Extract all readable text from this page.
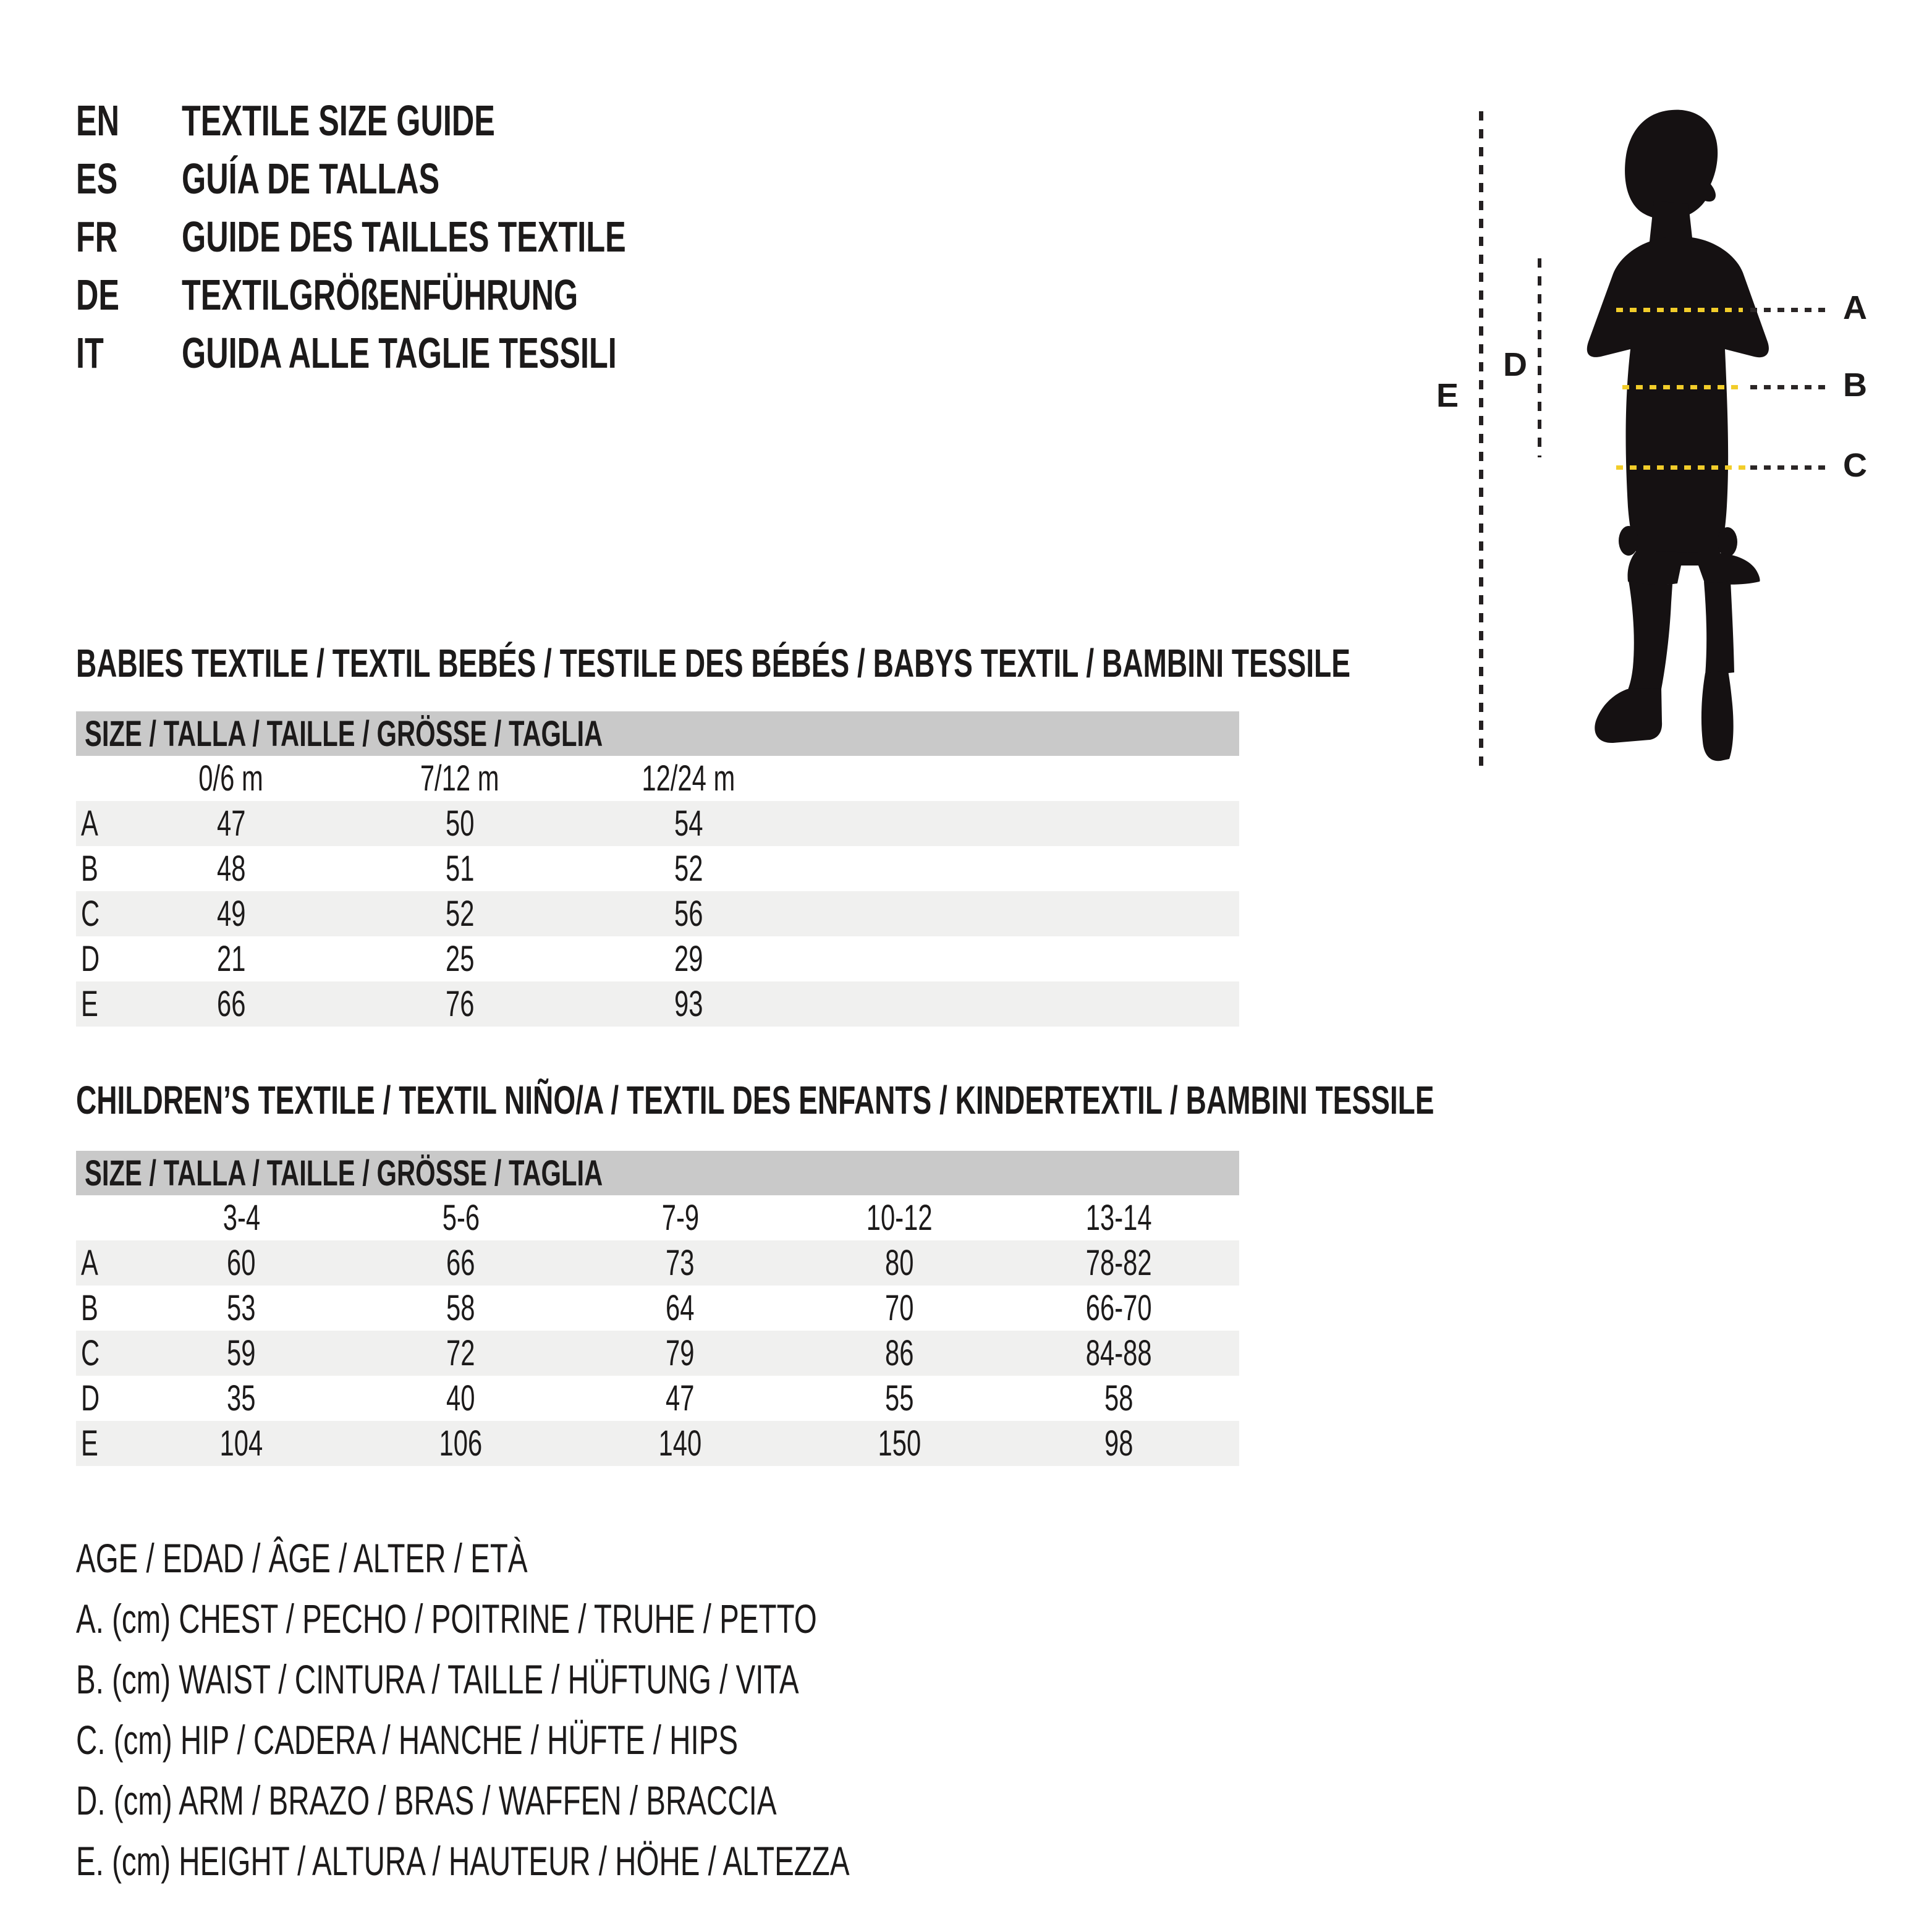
EN TEXTILE SIZE GUIDE
ES GUÍA DE TALLAS
FR GUIDE DES TAILLES TEXTILE
DE TEXTILGRÖßENFÜHRUNG
IT GUIDA ALLE TAGLIE TESSILI
E
D
A
B
C
BABIES TEXTILE / TEXTIL BEBÉS / TESTILE DES BÉBÉS / BABYS TEXTIL / BAMBINI TESSILE
SIZE / TALLA / TAILLE / GRÖSSE / TAGLIA				
	0/6 m	7/12 m	12/24 m	
A	47	50	54	
B	48	51	52	
C	49	52	56	
D	21	25	29	
E	66	76	93	
CHILDREN’S TEXTILE / TEXTIL NIÑO/A / TEXTIL DES ENFANTS / KINDERTEXTIL / BAMBINI TESSILE
SIZE / TALLA / TAILLE / GRÖSSE / TAGLIA						
	3-4	5-6	7-9	10-12	13-14	
A	60	66	73	80	78-82	
B	53	58	64	70	66-70	
C	59	72	79	86	84-88	
D	35	40	47	55	58	
E	104	106	140	150	98	
AGE / EDAD / ÂGE / ALTER / ETÀ
A. (cm) CHEST / PECHO / POITRINE / TRUHE / PETTO
B. (cm) WAIST / CINTURA / TAILLE / HÜFTUNG / VITA
C. (cm) HIP / CADERA / HANCHE / HÜFTE / HIPS
D. (cm) ARM / BRAZO / BRAS / WAFFEN / BRACCIA
E. (cm) HEIGHT / ALTURA / HAUTEUR / HÖHE / ALTEZZA
